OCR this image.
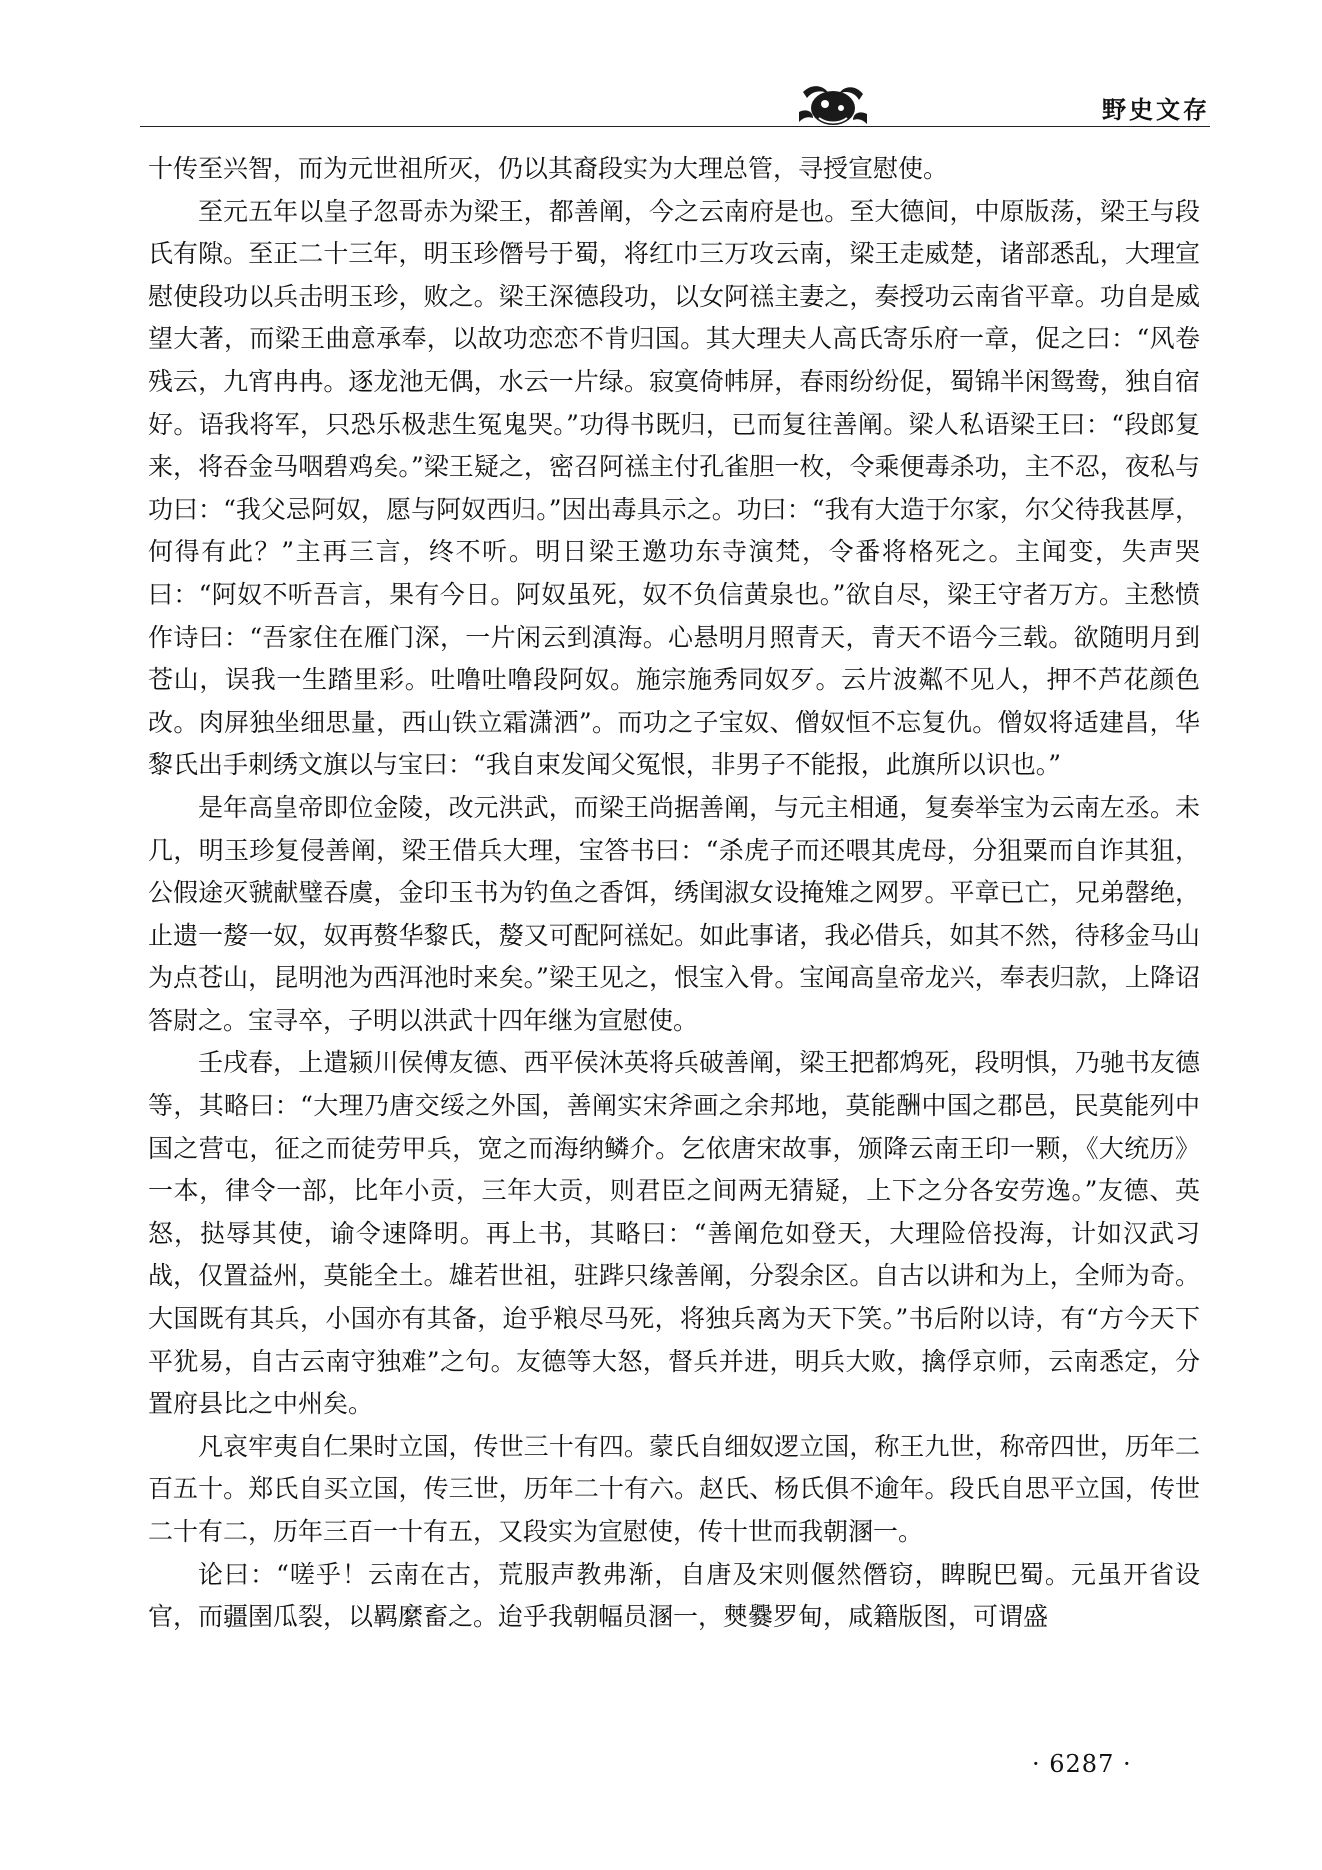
野史文存

十传至兴智，而为元世祖所灭，仍以其裔段实为大理总管，寻授宣慰使。

至元五年以皇子忽哥赤为梁王，都善阐，今之云南府是也。至大德间，中原版荡，梁王与段氏有隙。至正二十三年，明玉珍僭号于蜀，将红巾三万攻云南，梁王走威楚，诸部悉乱，大理宣慰使段功以兵击明玉珍，败之。梁王深德段功，以女阿禚主妻之，奏授功云南省平章。功自是威望大著，而梁王曲意承奉，以故功恋恋不肯归国。其大理夫人高氏寄乐府一章，促之曰：“风卷残云，九宵冉冉。逐龙池无偶，水云一片绿。寂寞倚帏屏，春雨纷纷促，蜀锦半闲鸳鸯，独自宿好。语我将军，只恐乐极悲生冤鬼哭。”功得书既归，已而复往善阐。梁人私语梁王曰：“段郎复来，将吞金马咽碧鸡矣。”梁王疑之，密召阿禚主付孔雀胆一枚，令乘便毒杀功，主不忍，夜私与功曰：“我父忌阿奴，愿与阿奴西归。”因出毒具示之。功曰：“我有大造于尔家，尔父待我甚厚，何得有此？”主再三言，终不听。明日梁王邀功东寺演梵，令番将格死之。主闻变，失声哭曰：“阿奴不听吾言，果有今日。阿奴虽死，奴不负信黄泉也。”欲自尽，梁王守者万方。主愁愤作诗曰：“吾家住在雁门深，一片闲云到滇海。心悬明月照青天，青天不语今三载。欲随明月到苍山，误我一生踏里彩。吐噜吐噜段阿奴。施宗施秀同奴歹。云片波粼不见人，押不芦花颜色改。肉屏独坐细思量，西山铁立霜潇洒”。而功之子宝奴、僧奴恒不忘复仇。僧奴将适建昌，华黎氏出手刺绣文旗以与宝曰：“我自束发闻父冤恨，非男子不能报，此旗所以识也。”

是年高皇帝即位金陵，改元洪武，而梁王尚据善阐，与元主相通，复奏举宝为云南左丞。未几，明玉珍复侵善阐，梁王借兵大理，宝答书曰：“杀虎子而还喂其虎母，分狙粟而自诈其狙，公假途灭虢献璧吞虞，金印玉书为钓鱼之香饵，绣闺淑女设掩雉之网罗。平章已亡，兄弟罄绝，止遗一嫠一奴，奴再赘华黎氏，嫠又可配阿禚妃。如此事诸，我必借兵，如其不然，待移金马山为点苍山，昆明池为西洱池时来矣。”梁王见之，恨宝入骨。宝闻高皇帝龙兴，奉表归款，上降诏答尉之。宝寻卒，子明以洪武十四年继为宣慰使。

壬戌春，上遣颍川侯傅友德、西平侯沐英将兵破善阐，梁王把都鸩死，段明惧，乃驰书友德等，其略曰：“大理乃唐交绥之外国，善阐实宋斧画之余邦地，莫能酬中国之郡邑，民莫能列中国之营屯，征之而徒劳甲兵，宽之而海纳鳞介。乞依唐宋故事，颁降云南王印一颗，《大统历》一本，律令一部，比年小贡，三年大贡，则君臣之间两无猜疑，上下之分各安劳逸。”友德、英怒，挞辱其使，谕令速降明。再上书，其略曰：“善阐危如登天，大理险倍投海，计如汉武习战，仅置益州，莫能全土。雄若世祖，驻跸只缘善阐，分裂余区。自古以讲和为上，全师为奇。大国既有其兵，小国亦有其备，迨乎粮尽马死，将独兵离为天下笑。”书后附以诗，有“方今天下平犹易，自古云南守独难”之句。友德等大怒，督兵并进，明兵大败，擒俘京师，云南悉定，分置府县比之中州矣。

凡哀牢夷自仁果时立国，传世三十有四。蒙氏自细奴逻立国，称王九世，称帝四世，历年二百五十。郑氏自买立国，传三世，历年二十有六。赵氏、杨氏俱不逾年。段氏自思平立国，传世二十有二，历年三百一十有五，又段实为宣慰使，传十世而我朝溷一。

论曰：“嗟乎！云南在古，荒服声教弗渐，自唐及宋则偃然僭窃，睥睨巴蜀。元虽开省设官，而疆圉瓜裂，以羁縻畜之。迨乎我朝幅员溷一，僰爨罗甸，咸籍版图，可谓盛

· 6287 ·
